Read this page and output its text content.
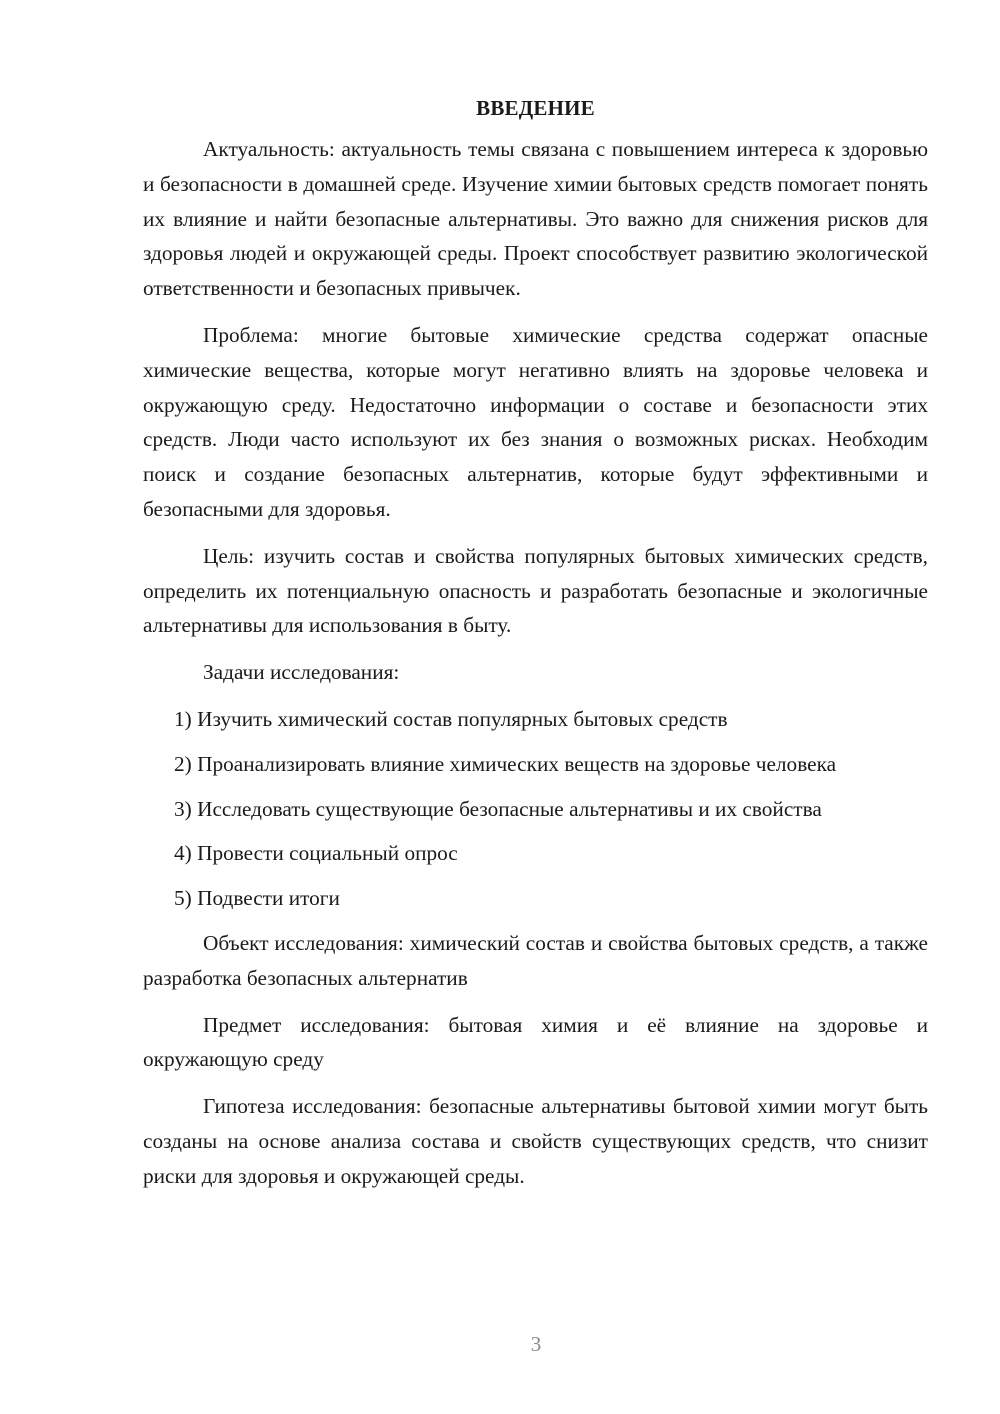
ВВЕДЕНИЕ

Актуальность: актуальность темы связана с повышением интереса к здоровью и безопасности в домашней среде. Изучение химии бытовых средств помогает понять их влияние и найти безопасные альтернативы. Это важно для снижения рисков для здоровья людей и окружающей среды. Проект способствует развитию экологической ответственности и безопасных привычек.

Проблема: многие бытовые химические средства содержат опасные химические вещества, которые могут негативно влиять на здоровье человека и окружающую среду. Недостаточно информации о составе и безопасности этих средств. Люди часто используют их без знания о возможных рисках. Необходим поиск и создание безопасных альтернатив, которые будут эффективными и безопасными для здоровья.

Цель: изучить состав и свойства популярных бытовых химических средств, определить их потенциальную опасность и разработать безопасные и экологичные альтернативы для использования в быту.

Задачи исследования:

1) Изучить химический состав популярных бытовых средств

2) Проанализировать влияние химических веществ на здоровье человека

3) Исследовать существующие безопасные альтернативы и их свойства

4) Провести социальный опрос

5) Подвести итоги

Объект исследования: химический состав и свойства бытовых средств, а также разработка безопасных альтернатив

Предмет исследования: бытовая химия и её влияние на здоровье и окружающую среду

Гипотеза исследования: безопасные альтернативы бытовой химии могут быть созданы на основе анализа состава и свойств существующих средств, что снизит риски для здоровья и окружающей среды.

3
